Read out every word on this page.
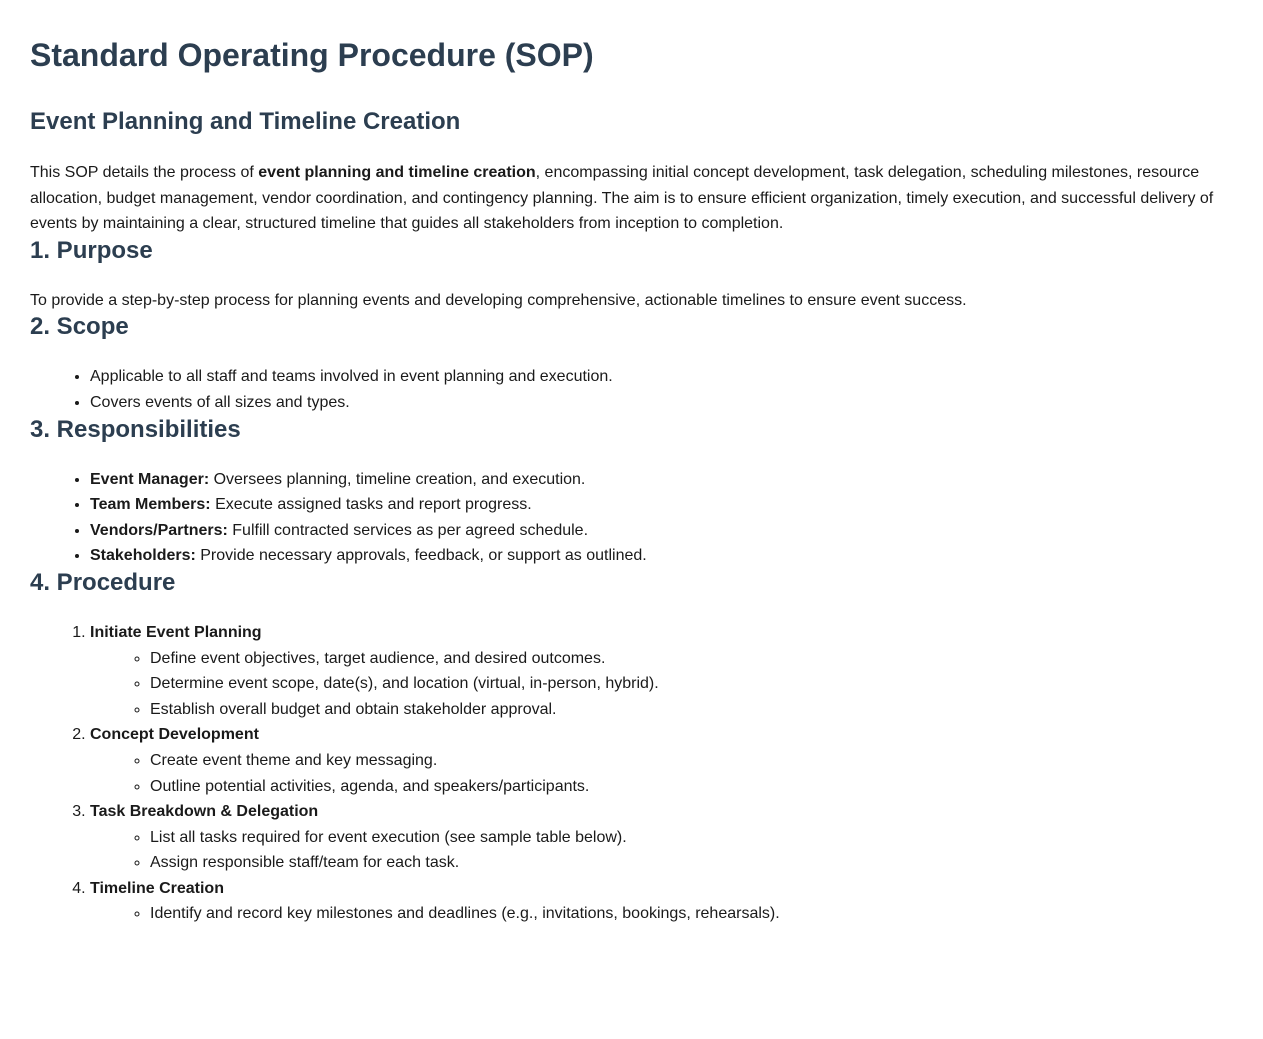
Standard Operating Procedure (SOP)
Event Planning and Timeline Creation

This SOP details the process of event planning and timeline creation, encompassing initial concept development, task delegation, scheduling milestones, resource allocation, budget management, vendor coordination, and contingency planning. The aim is to ensure efficient organization, timely execution, and successful delivery of events by maintaining a clear, structured timeline that guides all stakeholders from inception to completion.

1. Purpose

To provide a step-by-step process for planning events and developing comprehensive, actionable timelines to ensure event success.

2. Scope
• Applicable to all staff and teams involved in event planning and execution.
• Covers events of all sizes and types.
3. Responsibilities
• Event Manager: Oversees planning, timeline creation, and execution.
• Team Members: Execute assigned tasks and report progress.
• Vendors/Partners: Fulfill contracted services as per agreed schedule.
• Stakeholders: Provide necessary approvals, feedback, or support as outlined.
4. Procedure
1. Initiate Event Planning
◦ Define event objectives, target audience, and desired outcomes.
◦ Determine event scope, date(s), and location (virtual, in-person, hybrid).
◦ Establish overall budget and obtain stakeholder approval.
2. Concept Development
◦ Create event theme and key messaging.
◦ Outline potential activities, agenda, and speakers/participants.
3. Task Breakdown & Delegation
◦ List all tasks required for event execution (see sample table below).
◦ Assign responsible staff/team for each task.
4. Timeline Creation
◦ Identify and record key milestones and deadlines (e.g., invitations, bookings, rehearsals).
